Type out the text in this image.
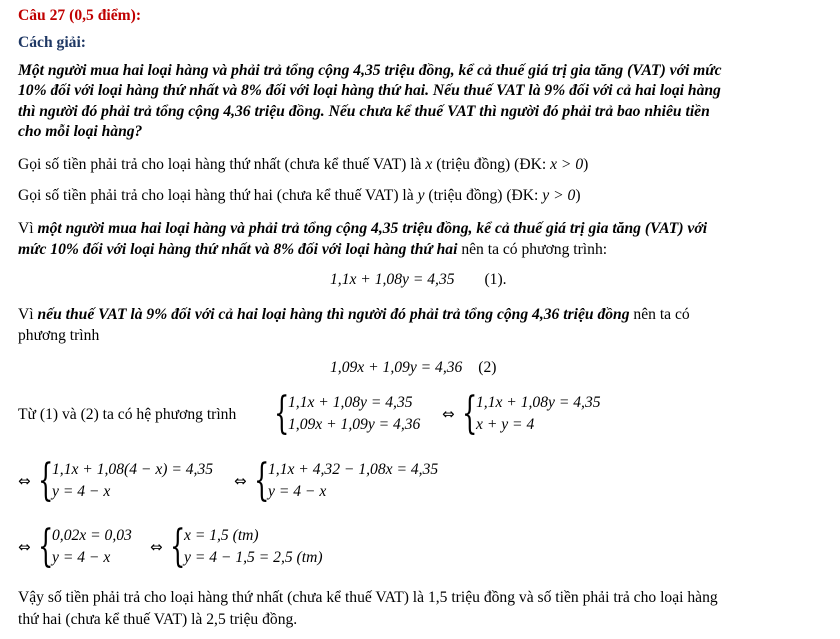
Câu 27 (0,5 điểm):
Cách giải:
Một người mua hai loại hàng và phải trả tổng cộng 4,35 triệu đồng, kể cả thuế giá trị gia tăng (VAT) với mức
10% đối với loại hàng thứ nhất và 8% đối với loại hàng thứ hai. Nếu thuế VAT là 9% đối với cả hai loại hàng
thì người đó phải trả tổng cộng 4,36 triệu đồng. Nếu chưa kể thuế VAT thì người đó phải trả bao nhiêu tiền
cho mỗi loại hàng?
Gọi số tiền phải trả cho loại hàng thứ nhất (chưa kể thuế VAT) là x (triệu đồng) (ĐK: x > 0)
Gọi số tiền phải trả cho loại hàng thứ hai (chưa kể thuế VAT) là y (triệu đồng) (ĐK: y > 0)
Vì một người mua hai loại hàng và phải trả tổng cộng 4,35 triệu đồng, kể cả thuế giá trị gia tăng (VAT) với
mức 10% đối với loại hàng thứ nhất và 8% đối với loại hàng thứ hai nên ta có phương trình:
1,1x + 1,08y = 4,35 (1).
Vì nếu thuế VAT là 9% đối với cả hai loại hàng thì người đó phải trả tổng cộng 4,36 triệu đồng nên ta có
phương trình
1,09x + 1,09y = 4,36 (2)
Từ (1) và (2) ta có hệ phương trình {
1,1x + 1,08y = 4,35
1,09x + 1,09y = 4,36
⇔ {
1,1x + 1,08y = 4,35
x + y = 4
⇔ {
1,1x + 1,08(4 − x) = 4,35
y = 4 − x
⇔ {
1,1x + 4,32 − 1,08x = 4,35
y = 4 − x
⇔ {
0,02x = 0,03
y = 4 − x
⇔ {
x = 1,5 (tm)
y = 4 − 1,5 = 2,5 (tm)
Vậy số tiền phải trả cho loại hàng thứ nhất (chưa kể thuế VAT) là 1,5 triệu đồng và số tiền phải trả cho loại hàng
thứ hai (chưa kể thuế VAT) là 2,5 triệu đồng.
